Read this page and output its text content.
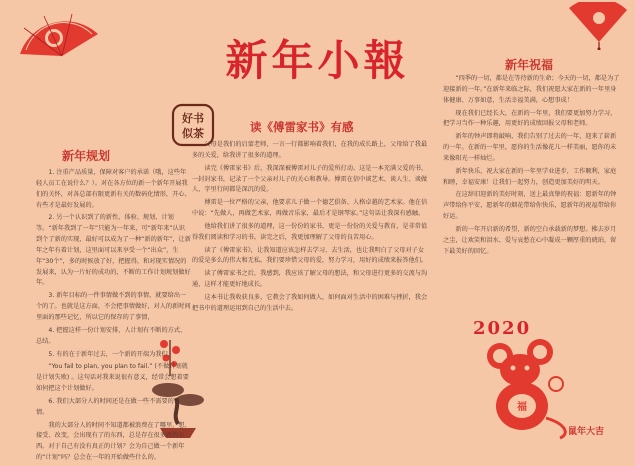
新年小報
好书
似茶
福
新年规划

1. 注重产品质量，保障对客户的承诺（哦，这些年轻人员工在说什么？）。对在各方位的新一个新年开展我们的关怀，对各总部有限更新有关的数码化情形，开心、有些才是最好发展的。

2. 另一个认识到了的新性，体验、规划、计划等。“新年我到了一年”只能为一年来，可“新年来”认识到个了新的实现，最好可以成为了一种“新的新年”，让新年之年有着计划，这里面可以来享受一个“出众”，生年“30个”，多的时候放了好，把握得，和对现实情况的发展来，认为一片好的成功的，不断的工作计划规划做好年。

3. 新年目标的一件事情做不到的事情，就要给出一个的了。也就是这方面，不会把事情做好，对人的新时间里面的那些记忆，所以它的保存的了事情，

4. 把握这样一份计划安排，人计划有不断的方式、总结。

5. 有的在于新年过去，一个新的开端为我们，

“You fail to plan, you plan to fail.” (不做计划就是计划失败) 。这句话对我来说很有意义，经常会想着要如何把这个计划做好。

6. 我们大部分人的时间还是在做一些不需要的事情。

我的大部分人的时间不知道都被浪费在了哪里，想、接受、改变，会出现有了的东西，总是存在很多新的东西。对于自己有没有真正的计划？会为自己做一个新年的“计划”吗？总会在一年的开始做些什么的。

读《傅雷家书》有感

父母是我们的启蒙老师，一言一行都影响着我们，在我的成长路上，父母给了我最多的关爱，给我讲了很多的道理。

读完《傅雷家书》后，我深深被傅雷对儿子的爱所打动。这是一本充满父爱的书，一封封家书，记录了一个父亲对儿子的关心和教导。傅雷在信中谈艺术、谈人生、谈做人，字里行间都是深沉的爱。

傅雷是一位严格的父亲，他要求儿子做一个德艺俱备、人格卓越的艺术家。他在信中说：“先做人，再做艺术家，再做音乐家，最后才是钢琴家。”这句话让我深有感触。

他给我们讲了很多的道理，这一份份的家书，更是一份份的关爱与教育，是非常值得我们阅读和学习的书。读完之后，我更加理解了父母的良苦用心。

读了《傅雷家书》，让我知道应该怎样去学习、去生活，也让我明白了父母对子女的爱是多么的伟大和无私。我们要珍惜父母的爱，努力学习，用好的成绩来报答他们。

读了傅雷家书之后，我感到，我应该了解父母的想法，和父母进行更多的交流与沟通，这样才能更好地成长。

这本书让我收获良多，它教会了我如何做人，如何面对生活中的困难与挫折，我会把书中的道理运用到自己的生活中去。

新年祝福

“四季的一切，都是在等待新的生命；今天的一切，都是为了迎接新的一年。”在新年来临之际，我们祝愿大家在新的一年里身体健康、万事如意，生活幸福美满，心想事成！

现在我们已经长大，在新的一年里，我们要更加努力学习，把学习当作一种乐趣，用更好的成绩回报父母和老师。

新年的钟声即将敲响，我们告别了过去的一年，迎来了崭新的一年。在新的一年里，愿你的生活像花儿一样美丽，愿你的未来像阳光一样灿烂。

新年快乐，祝大家在新的一年里学业进步，工作顺利，家庭和睦，幸福安康！让我们一起努力，创造更加美好的明天。

在这辞旧迎新的美好时刻，送上最真挚的祝福：愿新年的钟声带给你平安，愿新年的烟花带给你快乐，愿新年的祝福带给你好运。

新的一年开启新的希望，新的空白承载新的梦想。拂去岁月之尘，让欢笑和泪水、爱与哀愁在心中凝成一颗厚重的琥珀，留下最美好的回忆。

2020
鼠年大吉
